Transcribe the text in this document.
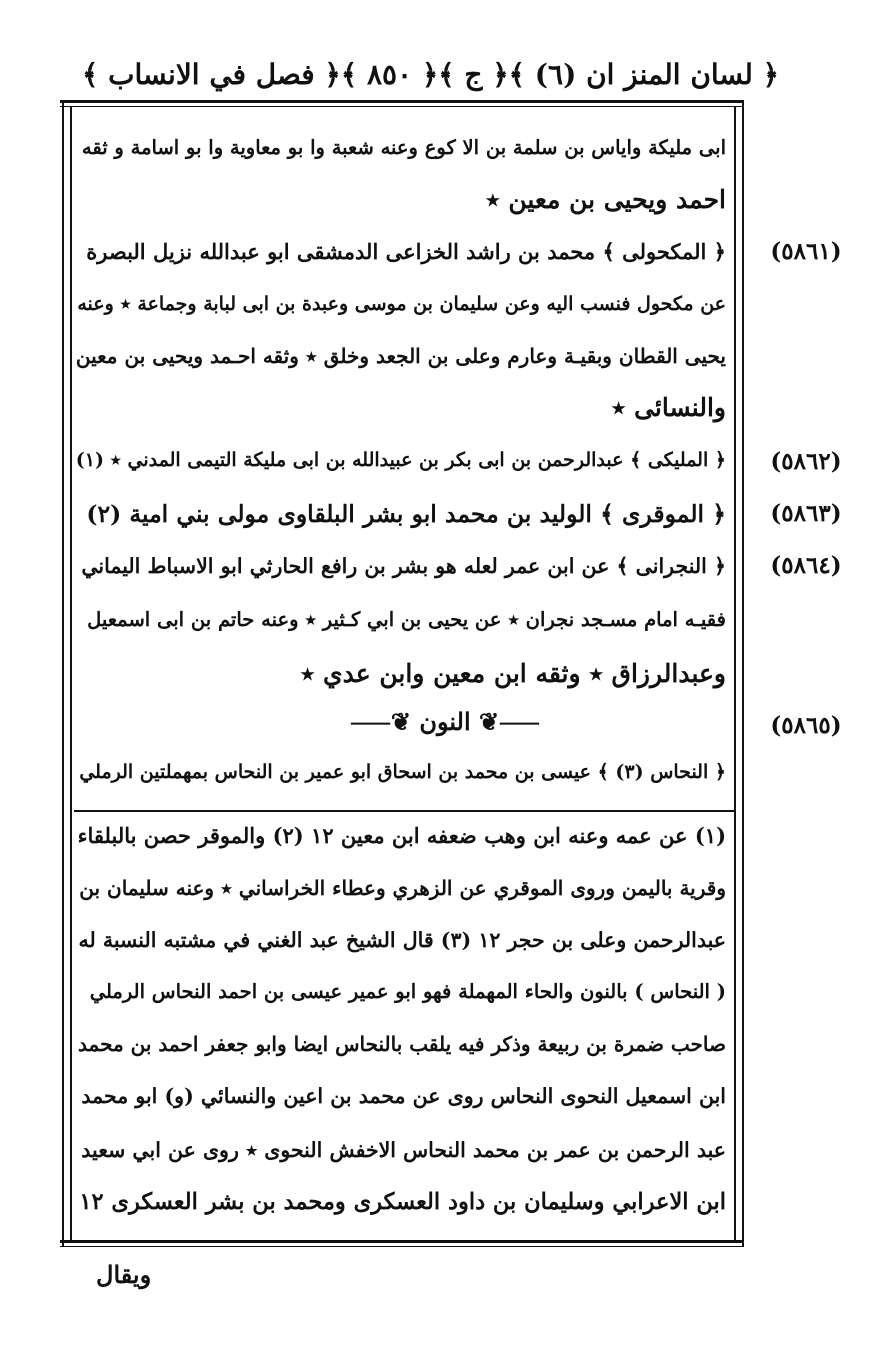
﴿ فصل في الانساب ﴾ ﴿ ٨٥٠ ﴾ ﴿ ج ﴾ ﴿ لسان المنز ان (٦) ﴾
ابى مليكة واياس بن سلمة بن الا كوع وعنه شعبة وا بو معاوية وا بو اسامة و ثقه
احمد ويحيى بن معين ٭
﴿ المكحولى ﴾ محمد بن راشد الخزاعى الدمشقى ابو عبدالله نزيل البصرة
عن مكحول فنسب اليه وعن سليمان بن موسى وعبدة بن ابى لبابة وجماعة ٭ وعنه
يحيى القطان وبقيـة وعارم وعلى بن الجعد وخلق ٭ وثقه احـمد ويحيى بن معين
والنسائى ٭
﴿ المليكى ﴾ عبدالرحمن بن ابى بكر بن عبيدالله بن ابى مليكة التيمى المدني ٭ (١)
﴿ الموقرى ﴾ الوليد بن محمد ابو بشر البلقاوى مولى بني امية (٢)
﴿ النجرانى ﴾ عن ابن عمر لعله هو بشر بن رافع الحارثي ابو الاسباط اليماني
فقيـه امام مسـجد نجران ٭ عن يحيى بن ابي كـثير ٭ وعنه حاتم بن ابى اسمعيل
وعبدالرزاق ٭ وثقه ابن معين وابن عدي ٭
⸺❦ النون ❦⸺
﴿ النحاس (٣) ﴾ عيسى بن محمد بن اسحاق ابو عمير بن النحاس بمهملتين الرملي
(٥٨٦١)
(٥٨٦٢)
(٥٨٦٣)
(٥٨٦٤)
(٥٨٦٥)
(١) عن عمه وعنه ابن وهب ضعفه ابن معين ١٢ (٢) والموقر حصن بالبلقاء
وقرية باليمن وروى الموقري عن الزهري وعطاء الخراساني ٭ وعنه سليمان بن
عبدالرحمن وعلى بن حجر ١٢ (٣) قال الشيخ عبد الغني في مشتبه النسبة له
( النحاس ) بالنون والحاء المهملة فهو ابو عمير عيسى بن احمد النحاس الرملي
صاحب ضمرة بن ربيعة وذكر فيه يلقب بالنحاس ايضا وابو جعفر احمد بن محمد
ابن اسمعيل النحوى النحاس روى عن محمد بن اعين والنسائي (و) ابو محمد
عبد الرحمن بن عمر بن محمد النحاس الاخفش النحوى ٭ روى عن ابي سعيد
ابن الاعرابي وسليمان بن داود العسكرى ومحمد بن بشر العسكرى ١٢
ويقال
